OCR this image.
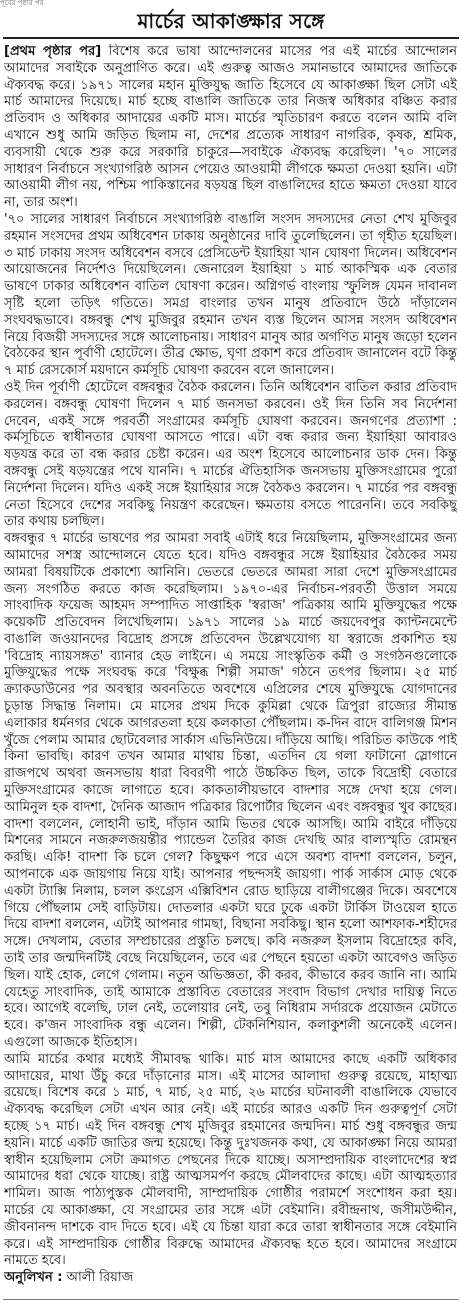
পূর্বের পৃষ্ঠার পর
মার্চের আকাঙ্ক্ষার সঙ্গে

[প্রথম পৃষ্ঠার পর] বিশেষ করে ভাষা আন্দোলনের মাসের পর এই মার্চের আন্দোলন আমাদের সবাইকে অনুপ্রাণিত করে। এই গুরুত্ব আজও সমানভাবে আমাদের জাতিকে ঐক্যবদ্ধ করে। ১৯৭১ সালের মহান মুক্তিযুদ্ধ জাতি হিসেবে যে আকাঙ্ক্ষা ছিল সেটা এই মার্চ আমাদের দিয়েছে। মার্চ হচ্ছে বাঙালি জাতিকে তার নিজস্ব অধিকার বঞ্চিত করার প্রতিবাদ ও অধিকার আদায়ের একটি মাস। মার্চের স্মৃতিচারণ করতে বলেন আমি বলি এখানে শুধু আমি জড়িত ছিলাম না, দেশের প্রত্যেক সাধারণ নাগরিক, কৃষক, শ্রমিক, ব্যবসায়ী থেকে শুরু করে সরকারি চাকুরে—সবাইকে ঐক্যবদ্ধ করেছিল। '৭০ সালের সাধারণ নির্বাচনে সংখ্যাগরিষ্ঠ আসন পেয়েও আওয়ামী লীগকে ক্ষমতা দেওয়া হয়নি। এটা আওয়ামী লীগ নয়, পশ্চিম পাকিস্তানের ষড়যন্ত্র ছিল বাঙালিদের হাতে ক্ষমতা দেওয়া যাবে না, তার অংশ।

'৭০ সালের সাধারণ নির্বাচনে সংখ্যাগরিষ্ঠ বাঙালি সংসদ সদস্যদের নেতা শেখ মুজিবুর রহমান সংসদের প্রথম অধিবেশন ঢাকায় অনুষ্ঠানের দাবি তুলেছিলেন। তা গৃহীত হয়েছিল। ৩ মার্চ ঢাকায় সংসদ অধিবেশন বসবে প্রেসিডেন্ট ইয়াহিয়া খান ঘোষণা দিলেন। অধিবেশন আয়োজনের নির্দেশও দিয়েছিলেন। জেনারেল ইয়াহিয়া ১ মার্চ আকস্মিক এক বেতার ভাষণে ঢাকার অধিবেশন বাতিল ঘোষণা করেন। অগ্নিগর্ভ বাংলায় স্ফুলিঙ্গ যেমন দাবানল সৃষ্টি হলো তড়িৎ গতিতে। সমগ্র বাংলার তখন মানুষ প্রতিবাদে উঠে দাঁড়ালেন সংঘবদ্ধভাবে। বঙ্গবন্ধু শেখ মুজিবুর রহমান তখন ব্যস্ত ছিলেন আসন্ন সংসদ অধিবেশন নিয়ে বিজয়ী সদস্যদের সঙ্গে আলোচনায়। সাধারণ মানুষ আর অগণিত মানুষ জড়ো হলেন বৈঠকের স্থান পূর্বাণী হোটেলে। তীব্র ক্ষোভ, ঘৃণা প্রকাশ করে প্রতিবাদ জানালেন বটে কিন্তু ৭ মার্চ রেসকোর্স ময়দানে কর্মসূচি ঘোষণা করবেন বলে জানালেন।

ওই দিন পূর্বাণী হোটেলে বঙ্গবন্ধুর বৈঠক করলেন। তিনি অধিবেশন বাতিল করার প্রতিবাদ করলেন। বঙ্গবন্ধু ঘোষণা দিলেন ৭ মার্চ জনসভা করবেন। ওই দিন তিনি সব নির্দেশনা দেবেন, একই সঙ্গে পরবর্তী সংগ্রামের কর্মসূচি ঘোষণা করবেন। জনগণের প্রত্যাশা : কর্মসূচিতে স্বাধীনতার ঘোষণা আসতে পারে। এটা বন্ধ করার জন্য ইয়াহিয়া আবারও ষড়যন্ত্র করে তা বন্ধ করার চেষ্টা করেন। এর অংশ হিসেবে আলোচনার ডাক দেন। কিন্তু বঙ্গবন্ধু সেই ষড়যন্ত্রের পথে যাননি। ৭ মার্চের ঐতিহাসিক জনসভায় মুক্তিসংগ্রামের পুরো নির্দেশনা দিলেন। যদিও একই সঙ্গে ইয়াহিয়ার সঙ্গে বৈঠকও করলেন। ৭ মার্চের পর বঙ্গবন্ধু নেতা হিসেবে দেশের সবকিছু নিয়ন্ত্রণ করেছেন। ক্ষমতায় বসতে পারেননি। তবে সবকিছু তার কথায় চলছিল।

বঙ্গবন্ধুর ৭ মার্চের ভাষণের পর আমরা সবাই এটাই ধরে নিয়েছিলাম, মুক্তিসংগ্রামের জন্য আমাদের সশস্ত্র আন্দোলনে যেতে হবে। যদিও বঙ্গবন্ধুর সঙ্গে ইয়াহিয়ার বৈঠকের সময় আমরা বিষয়টিকে প্রকাশ্যে আনিনি। ভেতরে ভেতরে আমরা সারা দেশে মুক্তিসংগ্রামের জন্য সংগঠিত করতে কাজ করেছিলাম। ১৯৭০-এর নির্বাচন-পরবর্তী উত্তাল সময়ে সাংবাদিক ফয়েজ আহমদ সম্পাদিত সাপ্তাহিক 'স্বরাজ' পত্রিকায় আমি মুক্তিযুদ্ধের পক্ষে কয়েকটি প্রতিবেদন লিখেছিলাম। ১৯৭১ সালের ১৯ মার্চে জয়দেবপুর ক্যান্টনমেন্টে বাঙালি জওয়ানদের বিদ্রোহ প্রসঙ্গে প্রতিবেদন উল্লেখযোগ্য যা স্বরাজে প্রকাশিত হয় 'বিদ্রোহ ন্যায়সঙ্গত' ব্যানার হেড লাইনে। এ সময়ে সাংস্কৃতিক কর্মী ও সংগঠনগুলোকে মুক্তিযুদ্ধের পক্ষে সংঘবদ্ধ করে 'বিক্ষুব্ধ শিল্পী সমাজ' গঠনে তৎপর ছিলাম। ২৫ মার্চ ক্র্যাকডাউনের পর অবস্থার অবনতিতে অবশেষে এপ্রিলের শেষে মুক্তিযুদ্ধে যোগদানের চূড়ান্ত সিদ্ধান্ত নিলাম। মে মাসের প্রথম দিকে কুমিল্লা থেকে ত্রিপুরা রাজ্যের সীমান্ত এলাকার ধর্মনগর থেকে আগরতলা হয়ে কলকাতা পৌঁছলাম। ক-দিন বাদে বালিগঞ্জ মিশন খুঁজে পেলাম আমার ছোটবেলার সার্কাস এভিনিউয়ে। দাঁড়িয়ে আছি। পরিচিত কাউকে পাই কিনা ভাবছি। কারণ তখন আমার মাথায় চিন্তা, এতদিন যে গলা ফাটানো স্লোগানে রাজপথে অথবা জনসভায় ধারা বিবরণী পাঠে উচ্চকিত ছিল, তাকে বিদ্রোহী বেতারে মুক্তিসংগ্রামের কাজে লাগাতে হবে। কাকতালীয়ভাবে বাদশার সঙ্গে দেখা হয়ে গেল। আমিনুল হক বাদশা, দৈনিক আজাদ পত্রিকার রিপোর্টার ছিলেন এবং বঙ্গবন্ধুর খুব কাছের। বাদশা বললেন, লোহানী ভাই, দাঁড়ান আমি ভিতর থেকে আসছি। আমি বাইরে দাঁড়িয়ে মিশনের সামনে নজরুলজয়ন্তীর প্যান্ডেল তৈরির কাজ দেখছি আর বাল্যস্মৃতি রোমন্থন করছি। একি! বাদশা কি চলে গেল? কিছুক্ষণ পরে এসে অবশ্য বাদশা বললেন, চলুন, আপনাকে এক জায়গায় নিয়ে যাই। আপনার পছন্দসই জায়গা। পার্ক সার্কাস মোড় থেকে একটা ট্যাক্সি নিলাম, চলল কংগ্রেস এক্সিবিশন রোড ছাড়িয়ে বালীগঞ্জের দিকে। অবশেষে গিয়ে পৌঁছলাম সেই বাড়িটায়। দোতলার একটা ঘরে ঢুকে একটা টার্কিস টাওয়েল হাতে দিয়ে বাদশা বললেন, এটাই আপনার গামছা, বিছানা সবকিছু। স্থান হলো আশফাক-শহীদের সঙ্গে। দেখলাম, বেতার সম্প্রচারের প্রস্তুতি চলছে। কবি নজরুল ইসলাম বিদ্রোহের কবি, তাই তার জন্মদিনটিই বেছে নিয়েছিলেন, তবে এর পেছনে হয়তো একটা আবেগও জড়িত ছিল। যাই হোক, লেগে গেলাম। নতুন অভিজ্ঞতা, কী করব, কীভাবে করব জানি না। আমি যেহেতু সাংবাদিক, তাই আমাকে প্রস্তাবিত বেতারের সংবাদ বিভাগ দেখার দায়িত্ব নিতে হবে। আগেই বলেছি, ঢাল নেই, তলোয়ার নেই, তবু নিধিরাম সর্দারকে প্রয়োজন মেটাতে হবে। ক'জন সাংবাদিক বন্ধু এলেন। শিল্পী, টেকনিশিয়ান, কলাকুশলী অনেকেই এলেন। এগুলো আজকে ইতিহাস।

আমি মার্চের কথার মধ্যেই সীমাবদ্ধ থাকি। মার্চ মাস আমাদের কাছে একটি অধিকার আদায়ের, মাথা উঁচু করে দাঁড়ানোর মাস। এই মাসের আলাদা গুরুত্ব রয়েছে, মাহাত্ম্য রয়েছে। বিশেষ করে ১ মার্চ, ৭ মার্চ, ২৫ মার্চ, ২৬ মার্চের ঘটনাবলী বাঙালিকে যেভাবে ঐক্যবদ্ধ করেছিল সেটা এখন আর নেই। এই মার্চের আরও একটি দিন গুরুত্বপূর্ণ সেটা হচ্ছে ১৭ মার্চ। এই দিন বঙ্গবন্ধু শেখ মুজিবুর রহমানের জন্মদিন। মার্চ শুধু বঙ্গবন্ধুর জন্ম হয়নি। মার্চে একটি জাতির জন্ম হয়েছে। কিন্তু দুঃখজনক কথা, যে আকাঙ্ক্ষা নিয়ে আমরা স্বাধীন হয়েছিলাম সেটা ক্রমাগত পেছনের দিকে যাচ্ছে। অসাম্প্রদায়িক বাংলাদেশের স্বপ্ন আমাদের ধরা থেকে যাচ্ছে। রাষ্ট্র আত্মসমর্পণ করছে মৌলবাদের কাছে। এটা আত্মহত্যার শামিল। আজ পাঠ্যপুস্তক মৌলবাদী, সাম্প্রদায়িক গোষ্ঠীর পরামর্শে সংশোধন করা হয়। মার্চের যে আকাঙ্ক্ষা, যে সংগ্রামের তার সঙ্গে এটা বেইমানি। রবীন্দ্রনাথ, জসীমউদ্দীন, জীবনানন্দ দাশকে বাদ দিতে হবে। এই যে চিন্তা যারা করে তারা স্বাধীনতার সঙ্গে বেইমানি করে। এই সাম্প্রদায়িক গোষ্ঠীর বিরুদ্ধে আমাদের ঐক্যবদ্ধ হতে হবে। আমাদের সংগ্রামে নামতে হবে।

অনুলিখন : আলী রিয়াজ
